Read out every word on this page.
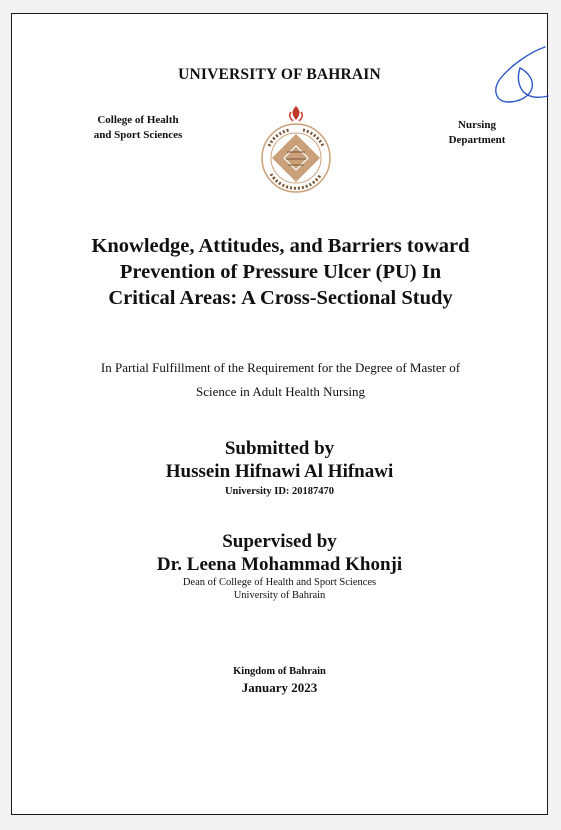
UNIVERSITY OF BAHRAIN
College of Health
and Sport Sciences
Nursing
Department
Knowledge, Attitudes, and Barriers toward
Prevention of Pressure Ulcer (PU) In
Critical Areas: A Cross-Sectional Study
In Partial Fulfillment of the Requirement for the Degree of Master of
Science in Adult Health Nursing
Submitted by
Hussein Hifnawi Al Hifnawi
University ID: 20187470
Supervised by
Dr. Leena Mohammad Khonji
Dean of College of Health and Sport Sciences
University of Bahrain
Kingdom of Bahrain
January 2023
